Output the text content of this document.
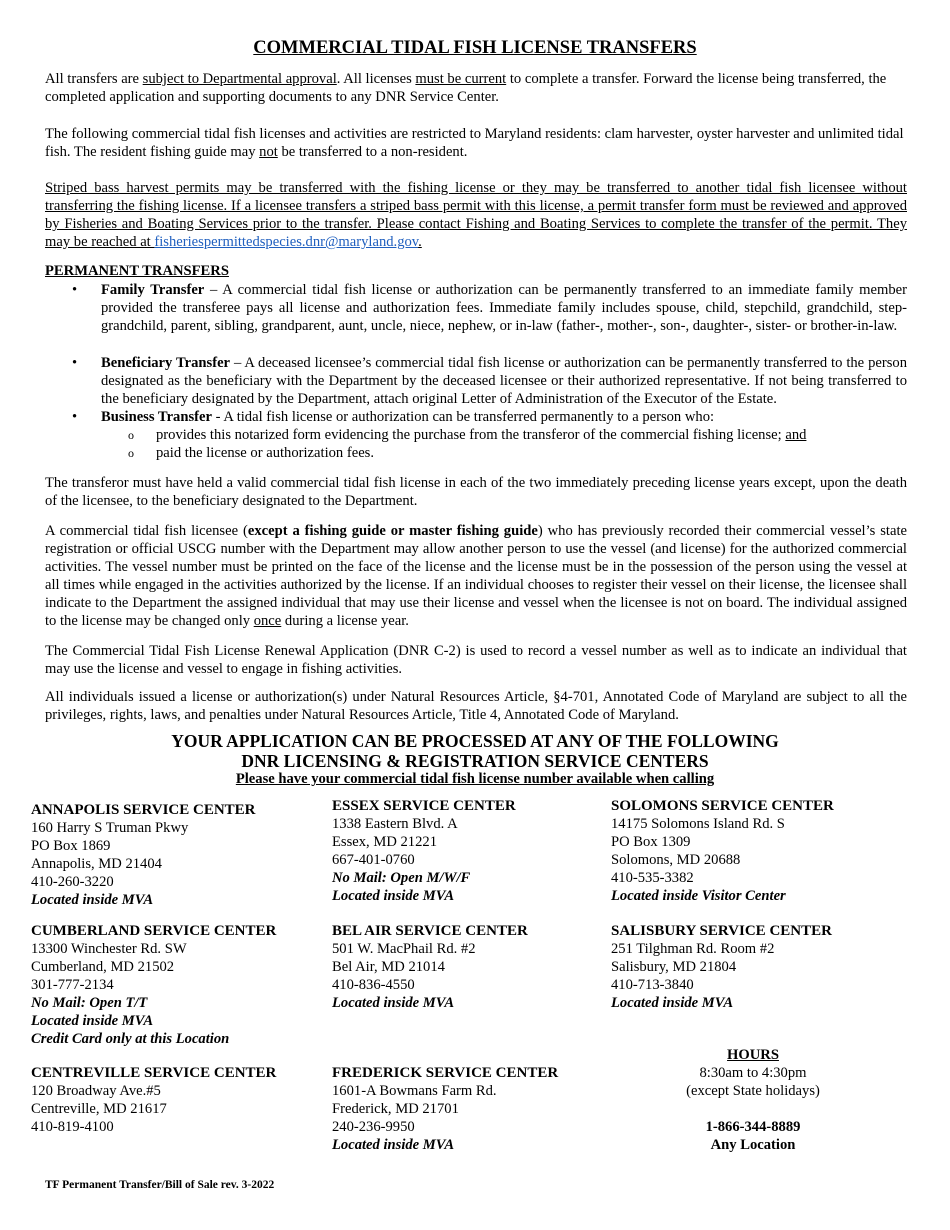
COMMERCIAL TIDAL FISH LICENSE TRANSFERS

All transfers are subject to Departmental approval. All licenses must be current to complete a transfer. Forward the license being transferred, the completed application and supporting documents to any DNR Service Center.

The following commercial tidal fish licenses and activities are restricted to Maryland residents: clam harvester, oyster harvester and unlimited tidal fish. The resident fishing guide may not be transferred to a non-resident.

Striped bass harvest permits may be transferred with the fishing license or they may be transferred to another tidal fish licensee without transferring the fishing license. If a licensee transfers a striped bass permit with this license, a permit transfer form must be reviewed and approved by Fisheries and Boating Services prior to the transfer. Please contact Fishing and Boating Services to complete the transfer of the permit. They may be reached at fisheriespermittedspecies.dnr@maryland.gov.

PERMANENT TRANSFERS
• Family Transfer – A commercial tidal fish license or authorization can be permanently transferred to an immediate family member provided the transferee pays all license and authorization fees. Immediate family includes spouse, child, stepchild, grandchild, step-grandchild, parent, sibling, grandparent, aunt, uncle, niece, nephew, or in-law (father-, mother-, son-, daughter-, sister- or brother-in-law.
• Beneficiary Transfer – A deceased licensee’s commercial tidal fish license or authorization can be permanently transferred to the person designated as the beneficiary with the Department by the deceased licensee or their authorized representative. If not being transferred to the beneficiary designated by the Department, attach original Letter of Administration of the Executor of the Estate.
• Business Transfer - A tidal fish license or authorization can be transferred permanently to a person who:
o provides this notarized form evidencing the purchase from the transferor of the commercial fishing license; and
o paid the license or authorization fees.

The transferor must have held a valid commercial tidal fish license in each of the two immediately preceding license years except, upon the death of the licensee, to the beneficiary designated to the Department.

A commercial tidal fish licensee (except a fishing guide or master fishing guide) who has previously recorded their commercial vessel’s state registration or official USCG number with the Department may allow another person to use the vessel (and license) for the authorized commercial activities. The vessel number must be printed on the face of the license and the license must be in the possession of the person using the vessel at all times while engaged in the activities authorized by the license. If an individual chooses to register their vessel on their license, the licensee shall indicate to the Department the assigned individual that may use their license and vessel when the licensee is not on board. The individual assigned to the license may be changed only once during a license year.

The Commercial Tidal Fish License Renewal Application (DNR C-2) is used to record a vessel number as well as to indicate an individual that may use the license and vessel to engage in fishing activities.

All individuals issued a license or authorization(s) under Natural Resources Article, §4-701, Annotated Code of Maryland are subject to all the privileges, rights, laws, and penalties under Natural Resources Article, Title 4, Annotated Code of Maryland.

YOUR APPLICATION CAN BE PROCESSED AT ANY OF THE FOLLOWING
DNR LICENSING & REGISTRATION SERVICE CENTERS
Please have your commercial tidal fish license number available when calling
ANNAPOLIS SERVICE CENTER
160 Harry S Truman Pkwy
PO Box 1869
Annapolis, MD 21404
410-260-3220
Located inside MVA
ESSEX SERVICE CENTER
1338 Eastern Blvd. A
Essex, MD 21221
667-401-0760
No Mail: Open M/W/F
Located inside MVA
SOLOMONS SERVICE CENTER
14175 Solomons Island Rd. S
PO Box 1309
Solomons, MD 20688
410-535-3382
Located inside Visitor Center
CUMBERLAND SERVICE CENTER
13300 Winchester Rd. SW
Cumberland, MD 21502
301-777-2134
No Mail: Open T/T
Located inside MVA
Credit Card only at this Location
BEL AIR SERVICE CENTER
501 W. MacPhail Rd. #2
Bel Air, MD 21014
410-836-4550
Located inside MVA
SALISBURY SERVICE CENTER
251 Tilghman Rd. Room #2
Salisbury, MD 21804
410-713-3840
Located inside MVA
CENTREVILLE SERVICE CENTER
120 Broadway Ave.#5
Centreville, MD 21617
410-819-4100
FREDERICK SERVICE CENTER
1601-A Bowmans Farm Rd.
Frederick, MD 21701
240-236-9950
Located inside MVA
HOURS
8:30am to 4:30pm
(except State holidays)
1-866-344-8889
Any Location
TF Permanent Transfer/Bill of Sale rev. 3-2022
